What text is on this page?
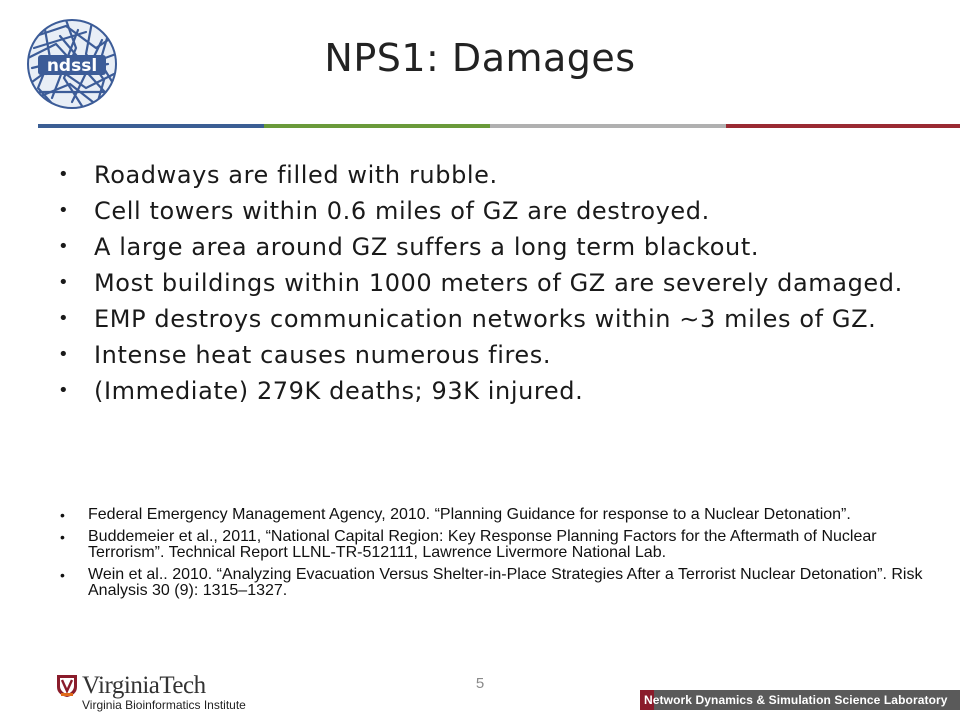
ndssl	NPS1: Damages
• Roadways are filled with rubble.
• Cell towers within 0.6 miles of GZ are destroyed.
• A large area around GZ suffers a long term blackout.
• Most buildings within 1000 meters of GZ are severely damaged.
• EMP destroys communication networks within ∼3 miles of GZ.
• Intense heat causes numerous fires.
• (Immediate) 279K deaths; 93K injured.
• Federal Emergency Management Agency, 2010. “Planning Guidance for response to a Nuclear Detonation”.
• Buddemeier et al., 2011, “National Capital Region: Key Response Planning Factors for the Aftermath of Nuclear Terrorism”. Technical Report LLNL-TR-512111, Lawrence Livermore National Lab.
• Wein et al.. 2010. “Analyzing Evacuation Versus Shelter-in-Place Strategies After a Terrorist Nuclear Detonation”. Risk Analysis 30 (9): 1315–1327.
VirginiaTech
Virginia Bioinformatics Institute
5
Network Dynamics & Simulation Science Laboratory
